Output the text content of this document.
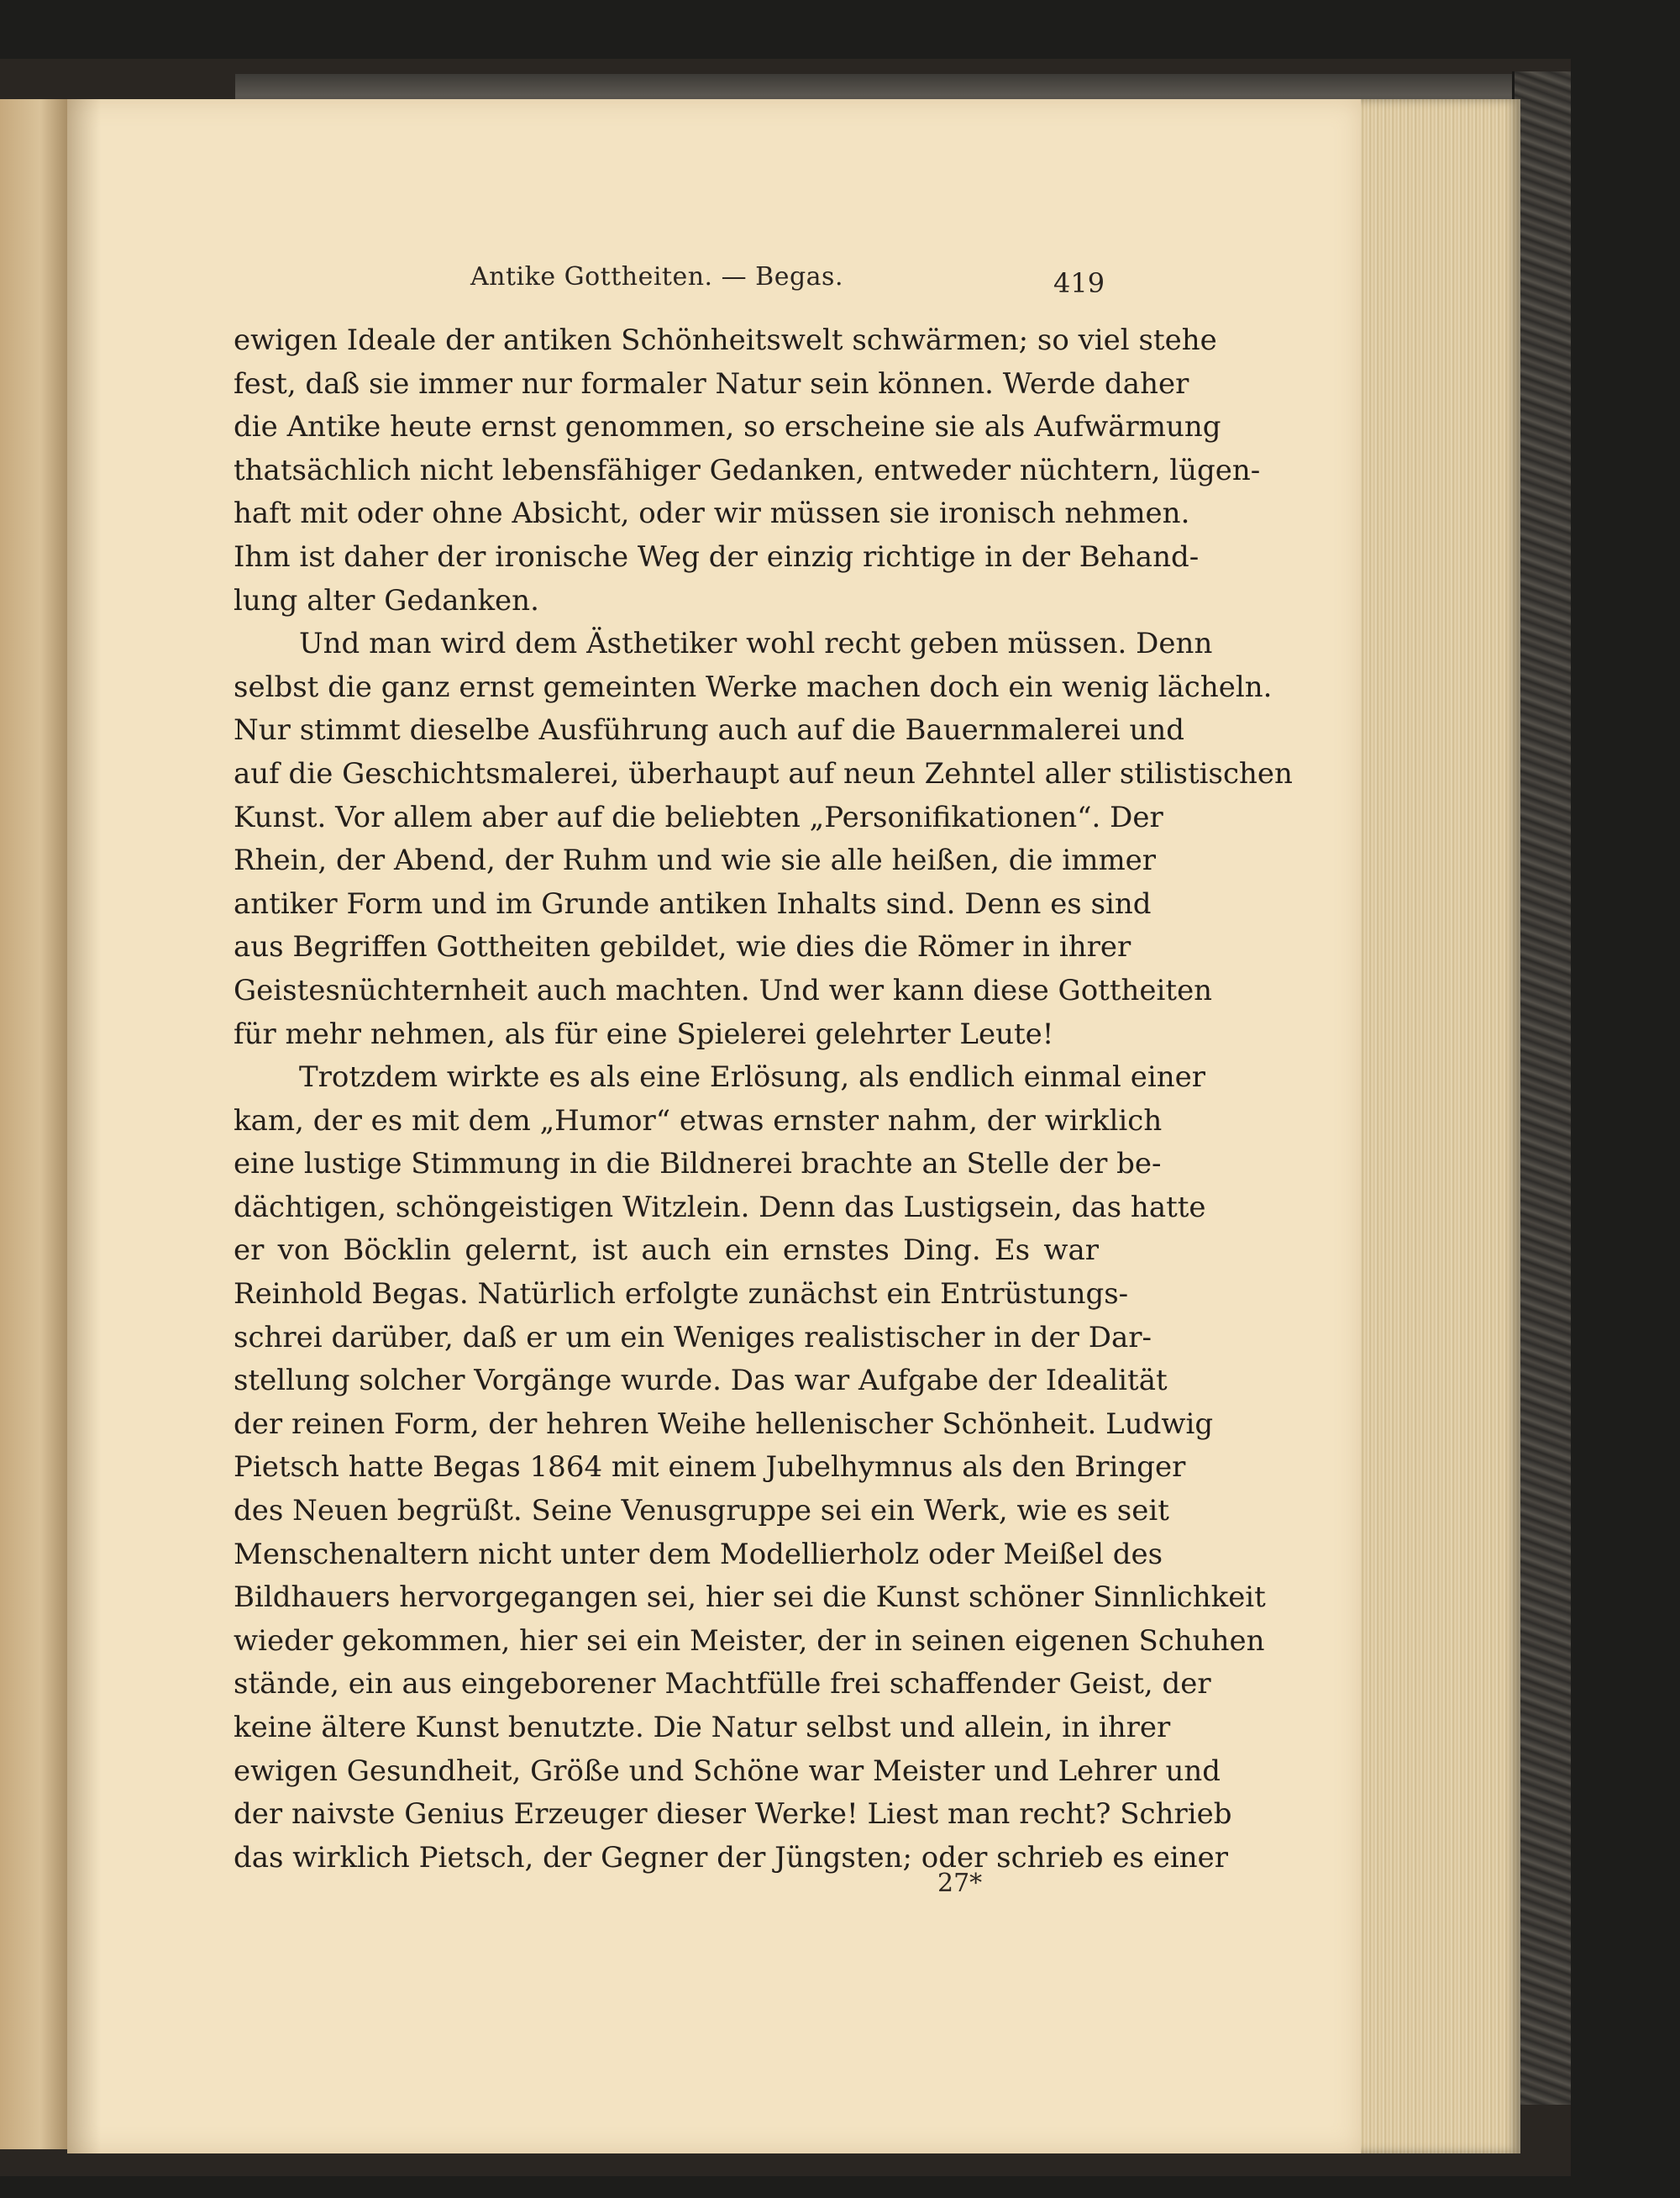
Antike Gottheiten. — Begas.	419
ewigen Ideale der antiken Schönheitswelt schwärmen; so viel stehe
fest, daß sie immer nur formaler Natur sein können. Werde daher
die Antike heute ernst genommen, so erscheine sie als Aufwärmung
thatsächlich nicht lebensfähiger Gedanken, entweder nüchtern, lügen-
haft mit oder ohne Absicht, oder wir müssen sie ironisch nehmen.
Ihm ist daher der ironische Weg der einzig richtige in der Behand-
lung alter Gedanken.
Und man wird dem Ästhetiker wohl recht geben müssen. Denn
selbst die ganz ernst gemeinten Werke machen doch ein wenig lächeln.
Nur stimmt dieselbe Ausführung auch auf die Bauernmalerei und
auf die Geschichtsmalerei, überhaupt auf neun Zehntel aller stilistischen
Kunst. Vor allem aber auf die beliebten „Personifikationen“. Der
Rhein, der Abend, der Ruhm und wie sie alle heißen, die immer
antiker Form und im Grunde antiken Inhalts sind. Denn es sind
aus Begriffen Gottheiten gebildet, wie dies die Römer in ihrer
Geistesnüchternheit auch machten. Und wer kann diese Gottheiten
für mehr nehmen, als für eine Spielerei gelehrter Leute!
Trotzdem wirkte es als eine Erlösung, als endlich einmal einer
kam, der es mit dem „Humor“ etwas ernster nahm, der wirklich
eine lustige Stimmung in die Bildnerei brachte an Stelle der be-
dächtigen, schöngeistigen Witzlein. Denn das Lustigsein, das hatte
er von Böcklin gelernt, ist auch ein ernstes Ding. Es war
Reinhold Begas. Natürlich erfolgte zunächst ein Entrüstungs-
schrei darüber, daß er um ein Weniges realistischer in der Dar-
stellung solcher Vorgänge wurde. Das war Aufgabe der Idealität
der reinen Form, der hehren Weihe hellenischer Schönheit. Ludwig
Pietsch hatte Begas 1864 mit einem Jubelhymnus als den Bringer
des Neuen begrüßt. Seine Venusgruppe sei ein Werk, wie es seit
Menschenaltern nicht unter dem Modellierholz oder Meißel des
Bildhauers hervorgegangen sei, hier sei die Kunst schöner Sinnlichkeit
wieder gekommen, hier sei ein Meister, der in seinen eigenen Schuhen
stände, ein aus eingeborener Machtfülle frei schaffender Geist, der
keine ältere Kunst benutzte. Die Natur selbst und allein, in ihrer
ewigen Gesundheit, Größe und Schöne war Meister und Lehrer und
der naivste Genius Erzeuger dieser Werke! Liest man recht? Schrieb
das wirklich Pietsch, der Gegner der Jüngsten; oder schrieb es einer
27*
